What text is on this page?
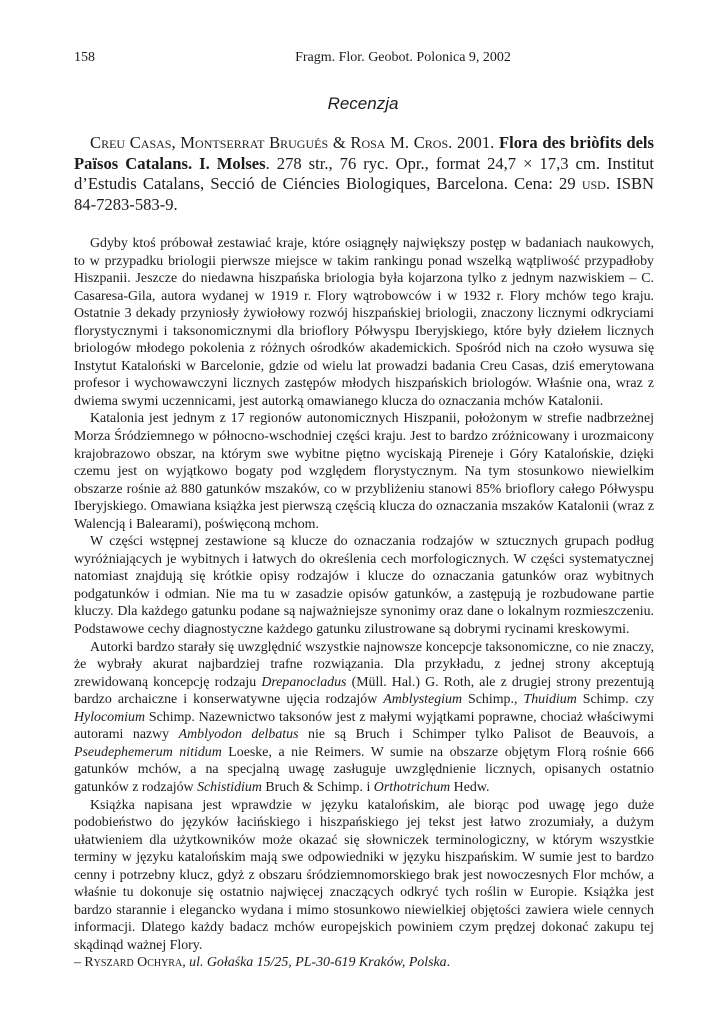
158	Fragm. Flor. Geobot. Polonica 9, 2002
Recenzja
Creu Casas, Montserrat Brugués & Rosa M. Cros. 2001. Flora des briòfits dels Països Catalans. I. Molses. 278 str., 76 ryc. Opr., format 24,7 × 17,3 cm. Institut d’Estudis Catalans, Secció de Ciéncies Biologiques, Barcelona. Cena: 29 usd. ISBN 84-7283-583-9.

Gdyby ktoś próbował zestawiać kraje, które osiągnęły największy postęp w badaniach naukowych, to w przypadku briologii pierwsze miejsce w takim rankingu ponad wszelką wątpliwość przypadłoby Hiszpanii. Jeszcze do niedawna hiszpańska briologia była kojarzona tylko z jednym nazwiskiem – C. Casaresa-Gila, autora wydanej w 1919 r. Flory wątrobowców i w 1932 r. Flory mchów tego kraju. Ostatnie 3 dekady przyniosły żywiołowy rozwój hiszpańskiej briologii, znaczony licznymi odkryciami florystycznymi i taksonomicznymi dla brioflory Półwyspu Iberyjskiego, które były dziełem licznych briologów młodego pokolenia z różnych ośrodków akademickich. Spośród nich na czoło wysuwa się Instytut Kataloński w Barcelonie, gdzie od wielu lat prowadzi badania Creu Casas, dziś emerytowana profesor i wychowawczyni licznych zastępów młodych hiszpańskich briologów. Właśnie ona, wraz z dwiema swymi uczennicami, jest autorką omawianego klucza do oznaczania mchów Katalonii.

Katalonia jest jednym z 17 regionów autonomicznych Hiszpanii, położonym w strefie nadbrzeżnej Morza Śródziemnego w północno-wschodniej części kraju. Jest to bardzo zróżnicowany i urozmaicony krajobrazowo obszar, na którym swe wybitne piętno wyciskają Pireneje i Góry Katalońskie, dzięki czemu jest on wyjątkowo bogaty pod względem florystycznym. Na tym stosunkowo niewielkim obszarze rośnie aż 880 gatunków mszaków, co w przybliżeniu stanowi 85% brioflory całego Półwyspu Iberyjskiego. Omawiana książka jest pierwszą częścią klucza do oznaczania mszaków Katalonii (wraz z Walencją i Balearami), poświęconą mchom.

W części wstępnej zestawione są klucze do oznaczania rodzajów w sztucznych grupach podług wyróżniających je wybitnych i łatwych do określenia cech morfologicznych. W części systematycznej natomiast znajdują się krótkie opisy rodzajów i klucze do oznaczania gatunków oraz wybitnych podgatunków i odmian. Nie ma tu w zasadzie opisów gatunków, a zastępują je rozbudowane partie kluczy. Dla każdego gatunku podane są najważniejsze synonimy oraz dane o lokalnym rozmieszczeniu. Podstawowe cechy diagnostyczne każdego gatunku zilustrowane są dobrymi rycinami kreskowymi.

Autorki bardzo starały się uwzględnić wszystkie najnowsze koncepcje taksonomiczne, co nie znaczy, że wybrały akurat najbardziej trafne rozwiązania. Dla przykładu, z jednej strony akceptują zrewidowaną koncepcję rodzaju Drepanocladus (Müll. Hal.) G. Roth, ale z drugiej strony prezentują bardzo archaiczne i konserwatywne ujęcia rodzajów Amblystegium Schimp., Thuidium Schimp. czy Hylocomium Schimp. Nazewnictwo taksonów jest z małymi wyjątkami poprawne, chociaż właściwymi autorami nazwy Amblyodon delbatus nie są Bruch i Schimper tylko Palisot de Beauvois, a Pseudephemerum nitidum Loeske, a nie Reimers. W sumie na obszarze objętym Florą rośnie 666 gatunków mchów, a na specjalną uwagę zasługuje uwzględnienie licznych, opisanych ostatnio gatunków z rodzajów Schistidium Bruch & Schimp. i Orthotrichum Hedw.

Książka napisana jest wprawdzie w języku katalońskim, ale biorąc pod uwagę jego duże podobieństwo do języków łacińskiego i hiszpańskiego jej tekst jest łatwo zrozumiały, a dużym ułatwieniem dla użytkowników może okazać się słowniczek terminologiczny, w którym wszystkie terminy w języku katalońskim mają swe odpowiedniki w języku hiszpańskim. W sumie jest to bardzo cenny i potrzebny klucz, gdyż z obszaru śródziemnomorskiego brak jest nowoczesnych Flor mchów, a właśnie tu dokonuje się ostatnio najwięcej znaczących odkryć tych roślin w Europie. Książka jest bardzo starannie i elegancko wydana i mimo stosunkowo niewielkiej objętości zawiera wiele cennych informacji. Dlatego każdy badacz mchów europejskich powiniem czym prędzej dokonać zakupu tej skądinąd ważnej Flory.
– Ryszard Ochyra, ul. Gołaśka 15/25, PL-30-619 Kraków, Polska.
